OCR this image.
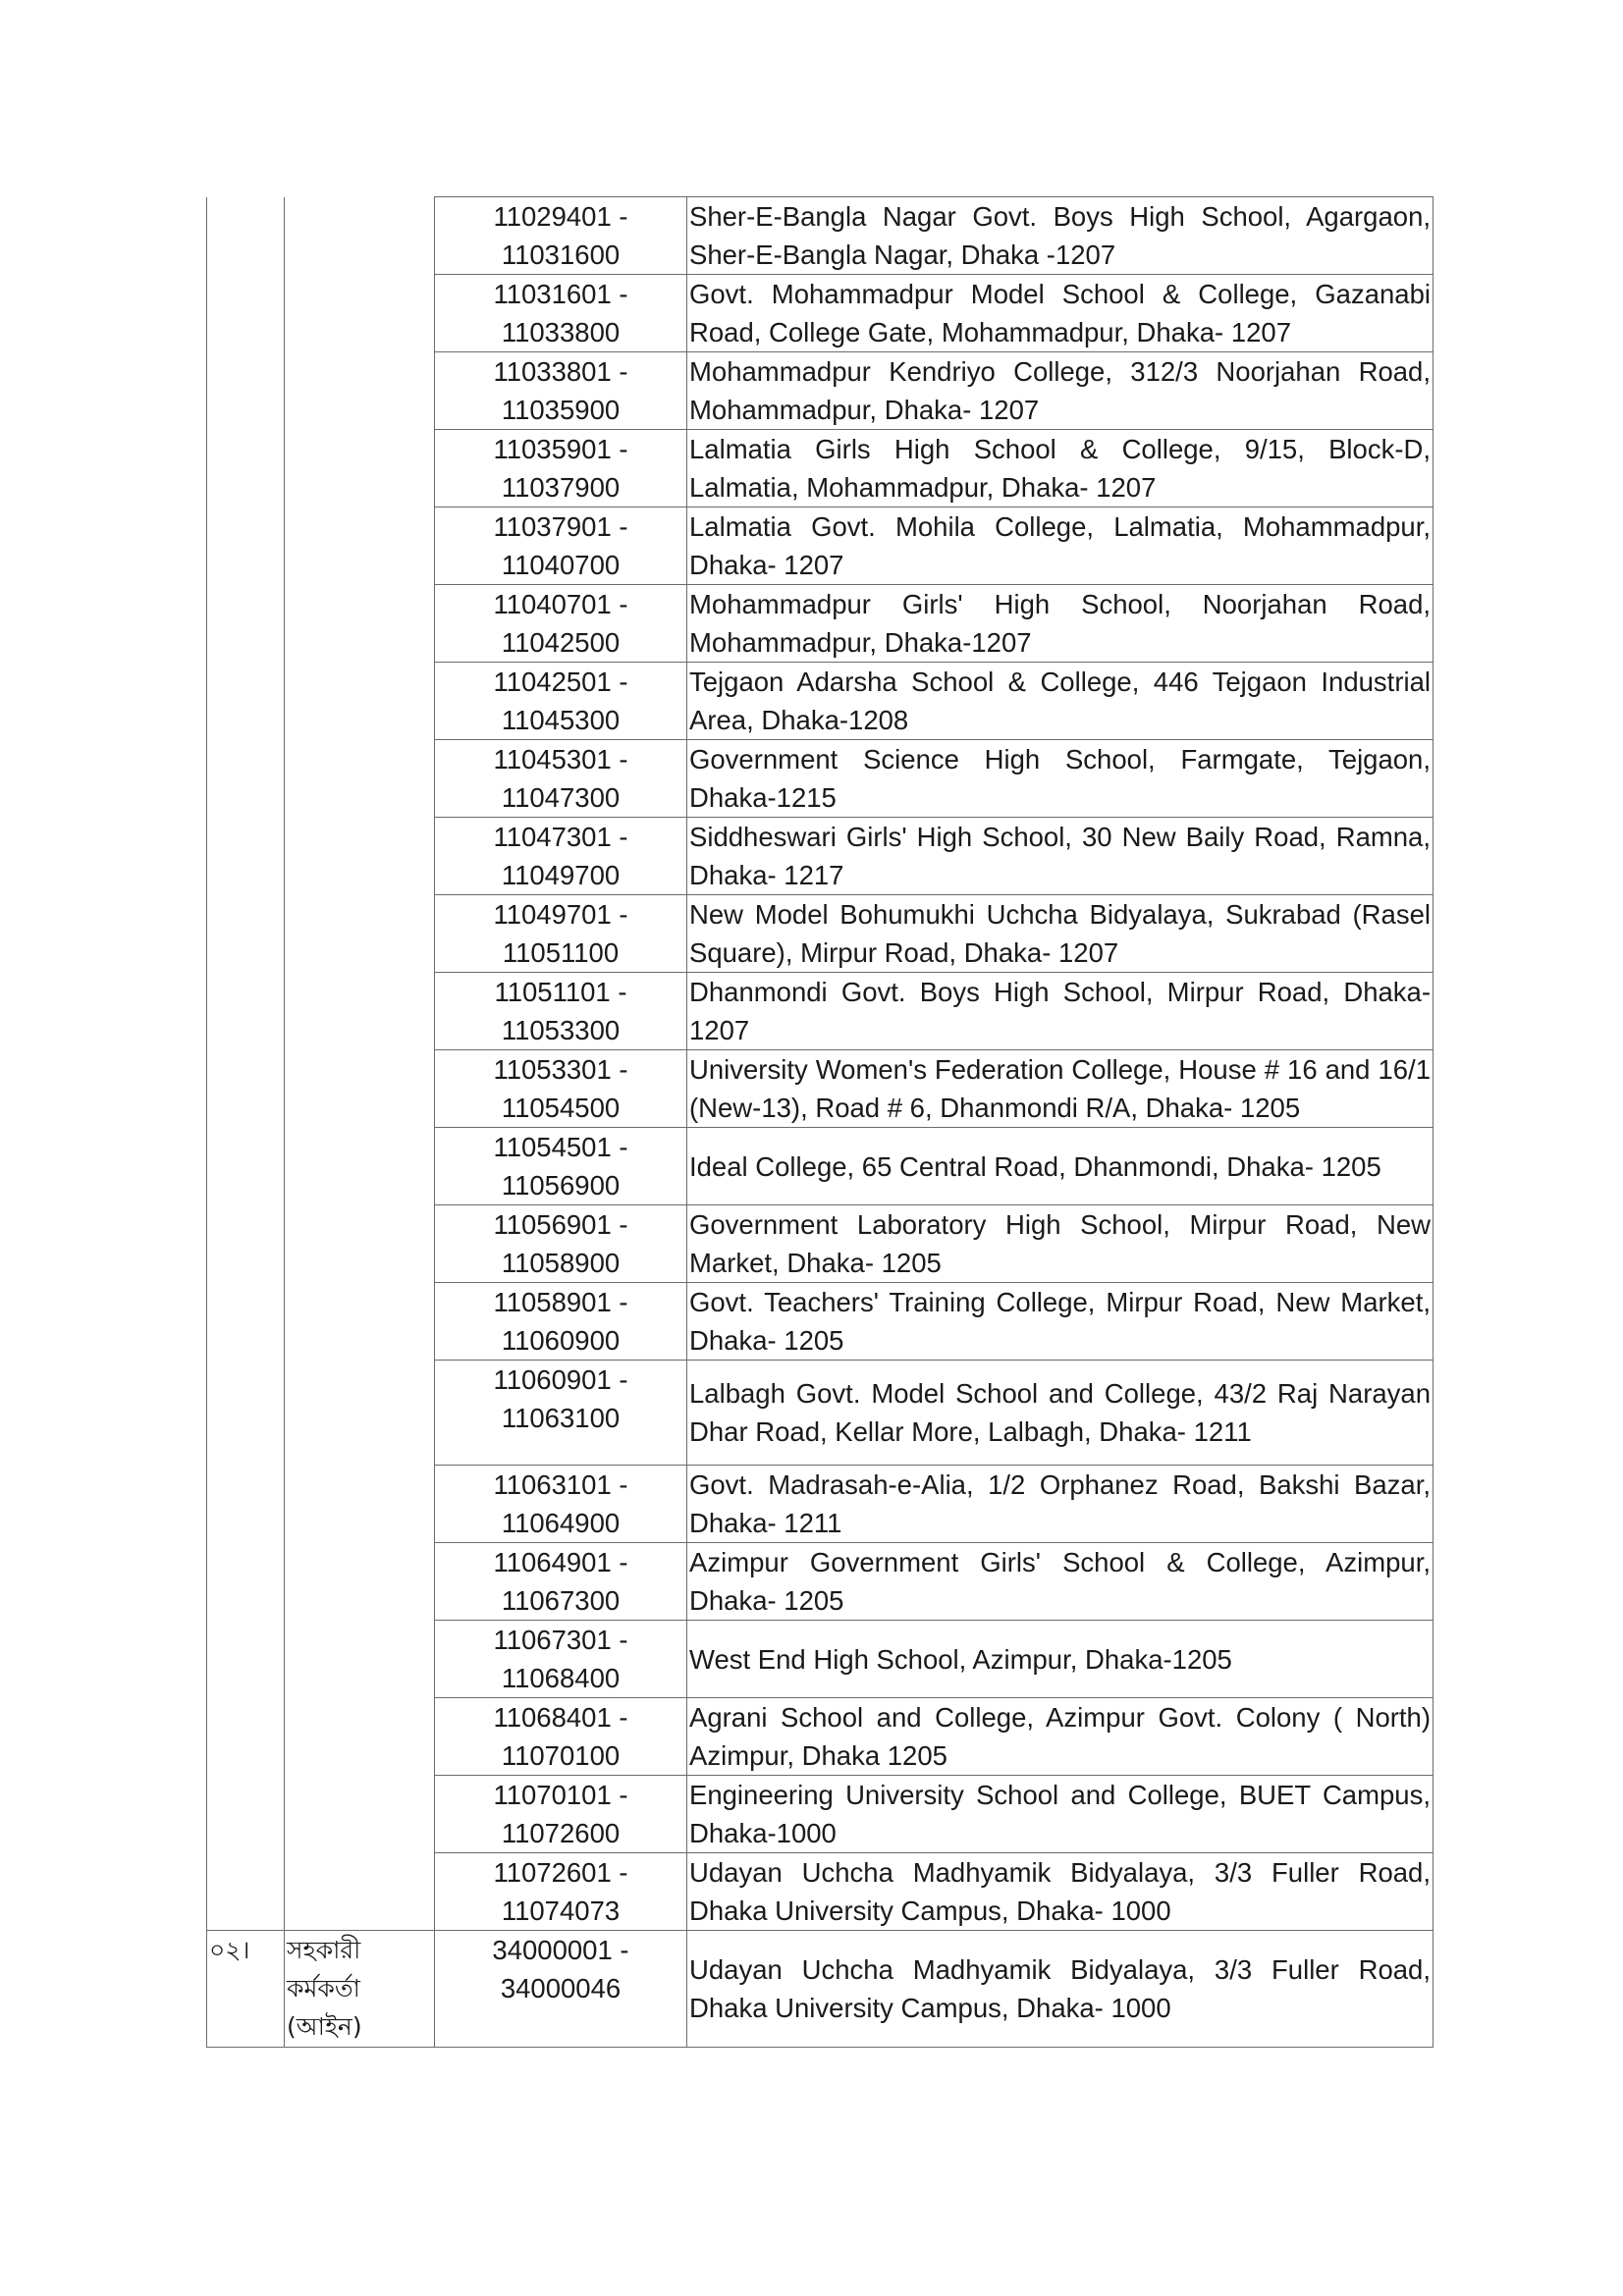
		11029401 -
11031600	Sher-E-Bangla Nagar Govt. Boys High School, Agargaon, Sher-E-Bangla Nagar, Dhaka -1207

		11031601 -
11033800	Govt. Mohammadpur Model School & College, Gazanabi Road, College Gate, Mohammadpur, Dhaka- 1207

		11033801 -
11035900	Mohammadpur Kendriyo College, 312/3 Noorjahan Road, Mohammadpur, Dhaka- 1207

		11035901 -
11037900	Lalmatia Girls High School & College, 9/15, Block-D, Lalmatia, Mohammadpur, Dhaka- 1207

		11037901 -
11040700	Lalmatia Govt. Mohila College, Lalmatia, Mohammadpur, Dhaka- 1207

		11040701 -
11042500	Mohammadpur Girls' High School, Noorjahan Road, Mohammadpur, Dhaka-1207

		11042501 -
11045300	Tejgaon Adarsha School & College, 446 Tejgaon Industrial Area, Dhaka-1208

		11045301 -
11047300	Government Science High School, Farmgate, Tejgaon, Dhaka-1215

		11047301 -
11049700	Siddheswari Girls' High School, 30 New Baily Road, Ramna, Dhaka- 1217

		11049701 -
11051100	New Model Bohumukhi Uchcha Bidyalaya, Sukrabad (Rasel Square), Mirpur Road, Dhaka- 1207

		11051101 -
11053300	Dhanmondi Govt. Boys High School, Mirpur Road, Dhaka- 1207

		11053301 -
11054500	University Women's Federation College, House # 16 and 16/1 (New-13), Road # 6, Dhanmondi R/A, Dhaka- 1205

		11054501 -
11056900	Ideal College, 65 Central Road, Dhanmondi, Dhaka- 1205

		11056901 -
11058900	Government Laboratory High School, Mirpur Road, New Market, Dhaka- 1205

		11058901 -
11060900	Govt. Teachers' Training College, Mirpur Road, New Market, Dhaka- 1205

		11060901 -
11063100	Lalbagh Govt. Model School and College, 43/2 Raj Narayan Dhar Road, Kellar More, Lalbagh, Dhaka- 1211

		11063101 -
11064900	Govt. Madrasah-e-Alia, 1/2 Orphanez Road, Bakshi Bazar, Dhaka- 1211

		11064901 -
11067300	Azimpur Government Girls' School & College, Azimpur, Dhaka- 1205

		11067301 -
11068400	West End High School, Azimpur, Dhaka-1205

		11068401 -
11070100	Agrani School and College, Azimpur Govt. Colony ( North) Azimpur, Dhaka 1205

		11070101 -
11072600	Engineering University School and College, BUET Campus, Dhaka-1000

		11072601 -
11074073	Udayan Uchcha Madhyamik Bidyalaya, 3/3 Fuller Road, Dhaka University Campus, Dhaka- 1000
০২।	সহকারী কর্মকর্তা (আইন)	34000001 -
34000046	Udayan Uchcha Madhyamik Bidyalaya, 3/3 Fuller Road, Dhaka University Campus, Dhaka- 1000
